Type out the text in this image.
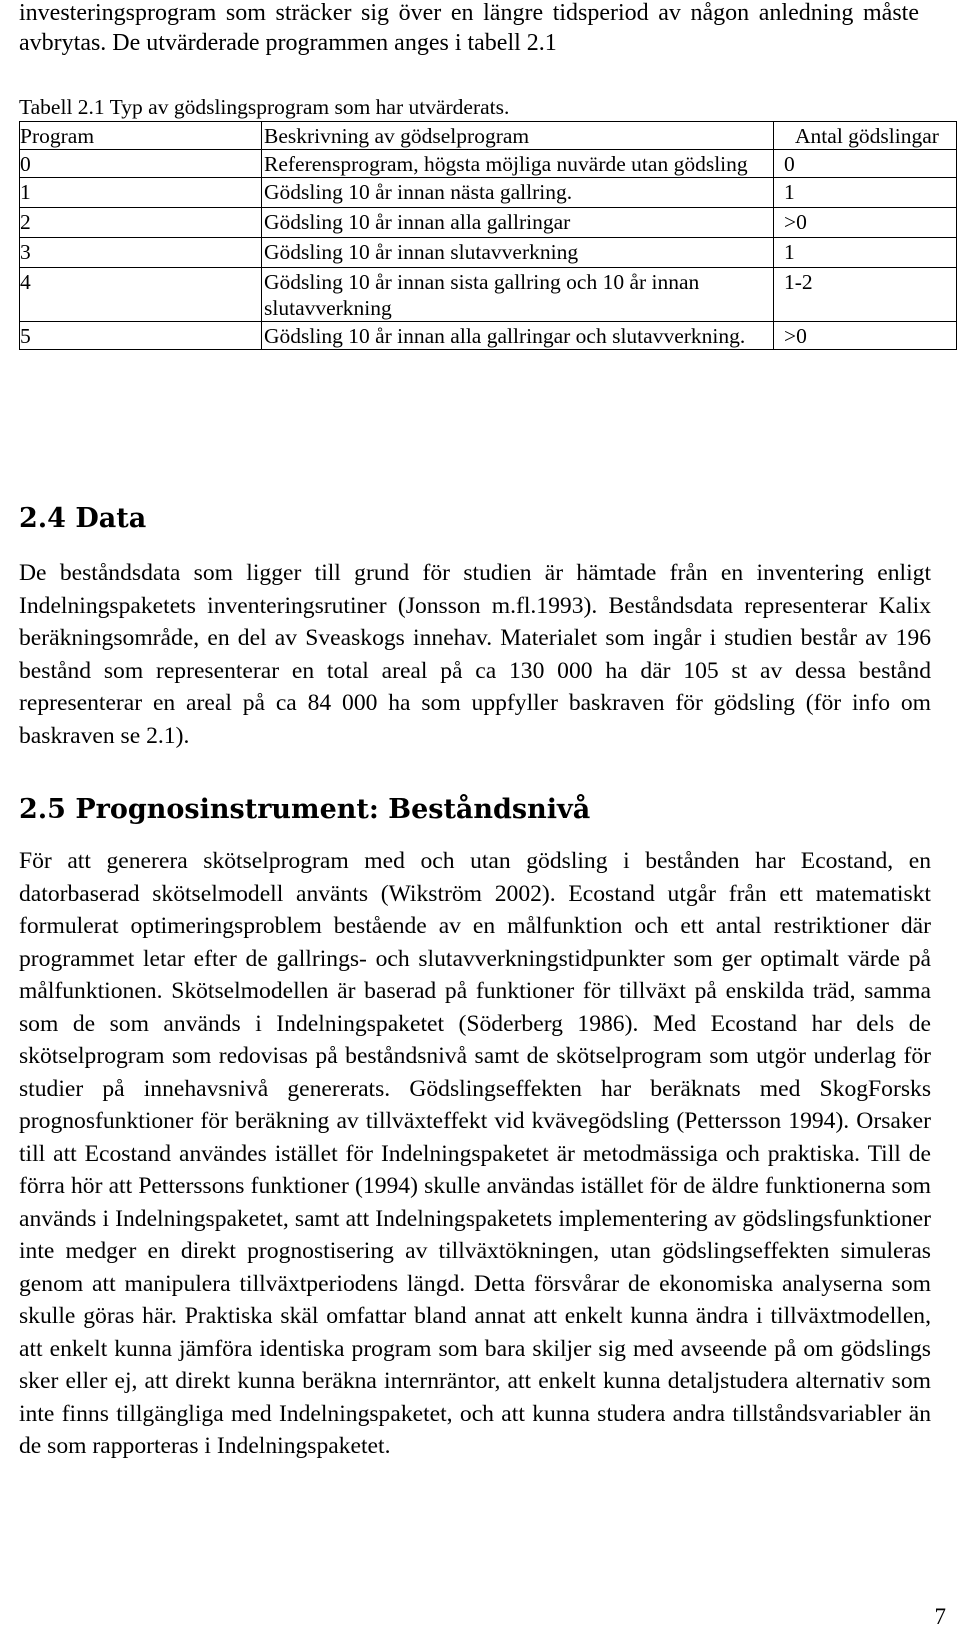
investeringsprogram som sträcker sig över en längre tidsperiod av någon anledning måste avbrytas. De utvärderade programmen anges i tabell 2.1

Tabell 2.1 Typ av gödslingsprogram som har utvärderats.

Program	Beskrivning av gödselprogram	Antal gödslingar
0	Referensprogram, högsta möjliga nuvärde utan gödsling	0
1	Gödsling 10 år innan nästa gallring.	1
2	Gödsling 10 år innan alla gallringar	>0
3	Gödsling 10 år innan slutavverkning	1
4	Gödsling 10 år innan sista gallring och 10 år innan slutavverkning	1-2
5	Gödsling 10 år innan alla gallringar och slutavverkning.	>0
2.4 Data

De beståndsdata som ligger till grund för studien är hämtade från en inventering enligt Indelningspaketets inventeringsrutiner (Jonsson m.fl.1993). Beståndsdata representerar Kalix beräkningsområde, en del av Sveaskogs innehav. Materialet som ingår i studien består av 196 bestånd som representerar en total areal på ca 130 000 ha där 105 st av dessa bestånd representerar en areal på ca 84 000 ha som uppfyller baskraven för gödsling (för info om baskraven se 2.1).

2.5 Prognosinstrument: Beståndsnivå

För att generera skötselprogram med och utan gödsling i bestånden har Ecostand, en datorbaserad skötselmodell använts (Wikström 2002). Ecostand utgår från ett matematiskt formulerat optimeringsproblem bestående av en målfunktion och ett antal restriktioner där programmet letar efter de gallrings- och slutavverkningstidpunkter som ger optimalt värde på målfunktionen. Skötselmodellen är baserad på funktioner för tillväxt på enskilda träd, samma som de som används i Indelningspaketet (Söderberg 1986). Med Ecostand har dels de skötselprogram som redovisas på beståndsnivå samt de skötselprogram som utgör underlag för studier på innehavsnivå genererats. Gödslingseffekten har beräknats med SkogForsks prognosfunktioner för beräkning av tillväxteffekt vid kvävegödsling (Pettersson 1994). Orsaker till att Ecostand användes istället för Indelningspaketet är metodmässiga och praktiska. Till de förra hör att Petterssons funktioner (1994) skulle användas istället för de äldre funktionerna som används i Indelningspaketet, samt att Indelningspaketets implementering av gödslingsfunktioner inte medger en direkt prognostisering av tillväxtökningen, utan gödslingseffekten simuleras genom att manipulera tillväxtperiodens längd. Detta försvårar de ekonomiska analyserna som skulle göras här. Praktiska skäl omfattar bland annat att enkelt kunna ändra i tillväxtmodellen, att enkelt kunna jämföra identiska program som bara skiljer sig med avseende på om gödslings sker eller ej, att direkt kunna beräkna internräntor, att enkelt kunna detaljstudera alternativ som inte finns tillgängliga med Indelningspaketet, och att kunna studera andra tillståndsvariabler än de som rapporteras i Indelningspaketet.

7
